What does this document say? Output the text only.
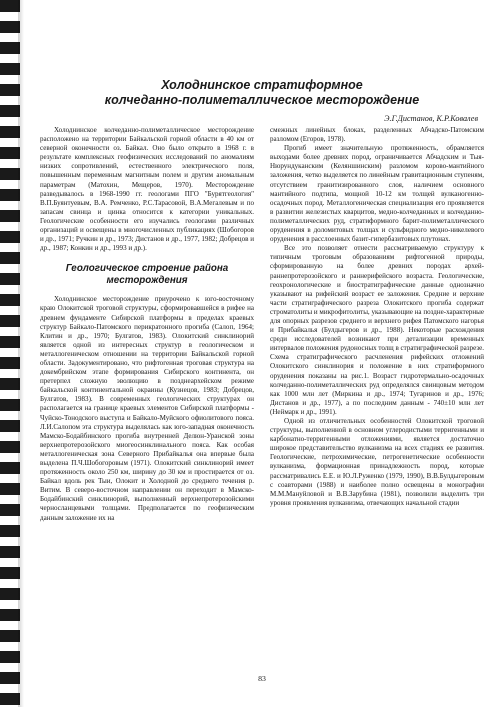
Холоднинское стратиформное
колчеданно-полиметаллическое месторождение
Э.Г.Дистанов, К.Р.Ковалев

Холоднинское колчеданно-полиметаллическое месторождение расположено на территории Байкальской горной области в 40 км от северной оконечности оз. Байкал. Оно было открыто в 1968 г. в результате комплексных геофизических исследований по аномалиям низких сопротивлений, естественного электрического поля, повышенным переменным магнитным полем и другим аномальным параметрам (Матохин, Мещеров, 1970). Месторождение разведывалось в 1968-1990 гг. геологами ПГО "Бурятгеология" В.П.Буянтуевым, В.А. Ремченко, Р.С.Тарасовой, В.А.Мегалевым и по запасам свинца и цинка относится к категории уникальных. Геологические особенности его изучались геологами различных организаций и освещены в многочисленных публикациях (Шобогоров и др., 1971; Ручкин и др., 1973; Дистанов и др., 1977, 1982; Добрецов и др., 1987; Конкин и др., 1993 и др.).

Геологическое строение района
месторождения

Холоднинское месторождение приурочено к юго-восточному краю Олокитской троговой структуры, сформировавшейся в рифее на древнем фундаменте Сибирской платформы в пределах краевых структур Байкало-Патомского перикратонного прогиба (Салоп, 1964; Клитин и др., 1970; Булгатов, 1983). Олокитский синклинорий является одной из интересных структур в геологическом и металлогеническом отношении на территории Байкальской горной области. Задокументировано, что рифтогенная троговая структура на докембрийском этапе формирования Сибирского континента, он претерпел сложную эволюцию в позднеархейском режиме байкальской континентальной окраины (Кузнецов, 1983; Добрецов, Булгатов, 1983). В современных геологических структурах он располагается на границе краевых элементов Сибирской платформы - Чуйско-Тонодского выступа и Байкало-Муйского офиолитового пояса. Л.И.Салопом эта структура выделялась как юго-западная оконечность Мамско-Бодайбинского прогиба внутренней Делюн-Уранской зоны верхнепротерозойского миогеосинклинального пояса. Как особая металлогеническая зона Северного Прибайкалья она впервые была выделена П.Ч.Шобогоровым (1971). Олокитский синклинорий имеет протяженность около 250 км, ширину до 30 км и простирается от оз. Байкал вдоль рек Тыи, Олокит и Холодной до среднего течения р. Витим. В северо-восточном направлении он переходит в Мамско-Бодайбинский синклинорий, выполненный верхнепротерозойскими черносланцевыми толщами. Предполагается по геофизическим данным заложение их на

смежных линейных блоках, разделенных Абчадско-Патомским разломом (Егоров, 1978).

Прогиб имеет значительную протяженность, обрамляется выходами более древних пород, ограничивается Абчадским и Тыя-Нюрундуканским (Келяншинским) разломом корово-мантийного заложения, четко выделяется по линейным гравитационным ступеням, отсутствием гранитизированного слоя, наличием основного мантийного подтипа, мощной 10-12 км толщей вулканогенно-осадочных пород. Металлогеническая специализация его проявляется в развитии железистых кварцитов, медно-колчеданных и колчеданно-полиметаллических руд, стратиформного барит-полиметаллического оруденения в доломитовых толщах и сульфидного медно-никелевого оруденения в расслоенных базит-гипербазитовых плутонах.

Все это позволяет отнести рассматриваемую структуру к типичным троговым образованиям рифтогенной природы, сформированную на более древних породах архей-раннепротерозойского и раннерифейского возраста. Геологические, геохронологические и биостратиграфические данные однозначно указывают на рифейский возраст ее заложения. Средние и верхние части стратиграфического разреза Олокитского прогиба содержат строматолиты и микрофитолиты, указывающие на поздне-характерные для опорных разрезов среднего и верхнего рифея Патомского нагорья и Прибайкалья (Булдыгеров и др., 1988). Некоторые расхождения среди исследователей возникают при детализации временных интервалов положения рудоносных толщ в стратиграфической разрезе. Схема стратиграфического расчленения рифейских отложений Олокитского синклинория и положение в них стратиформного оруденения показаны на рис.1. Возраст гидротермально-осадочных колчеданно-полиметаллических руд определялся свинцовым методом как 1000 млн лет (Миркина и др., 1974; Тугаринов и др., 1976; Дистанов и др., 1977), а по последним данным - 740±10 млн лет (Неймарк и др., 1991).

Одной из отличительных особенностей Олокитской троговой структуры, выполненной в основном углеродистыми терригенными и карбонатно-терригенными отложениями, является достаточно широкое представительство вулканизма на всех стадиях ее развития. Геологические, петрохимические, петрогенетические особенности вулканизма, формационная принадлежность пород, которые рассматривались Е.Е. и Ю.Л.Руженко (1979, 1990), В.В.Булдыгеровым с соавторами (1988) и наиболее полно освещены в монографии М.М.Мануйловой и В.В.Зарубина (1981), позволили выделить три уровня проявления вулканизма, отвечающих начальной стадии

83
